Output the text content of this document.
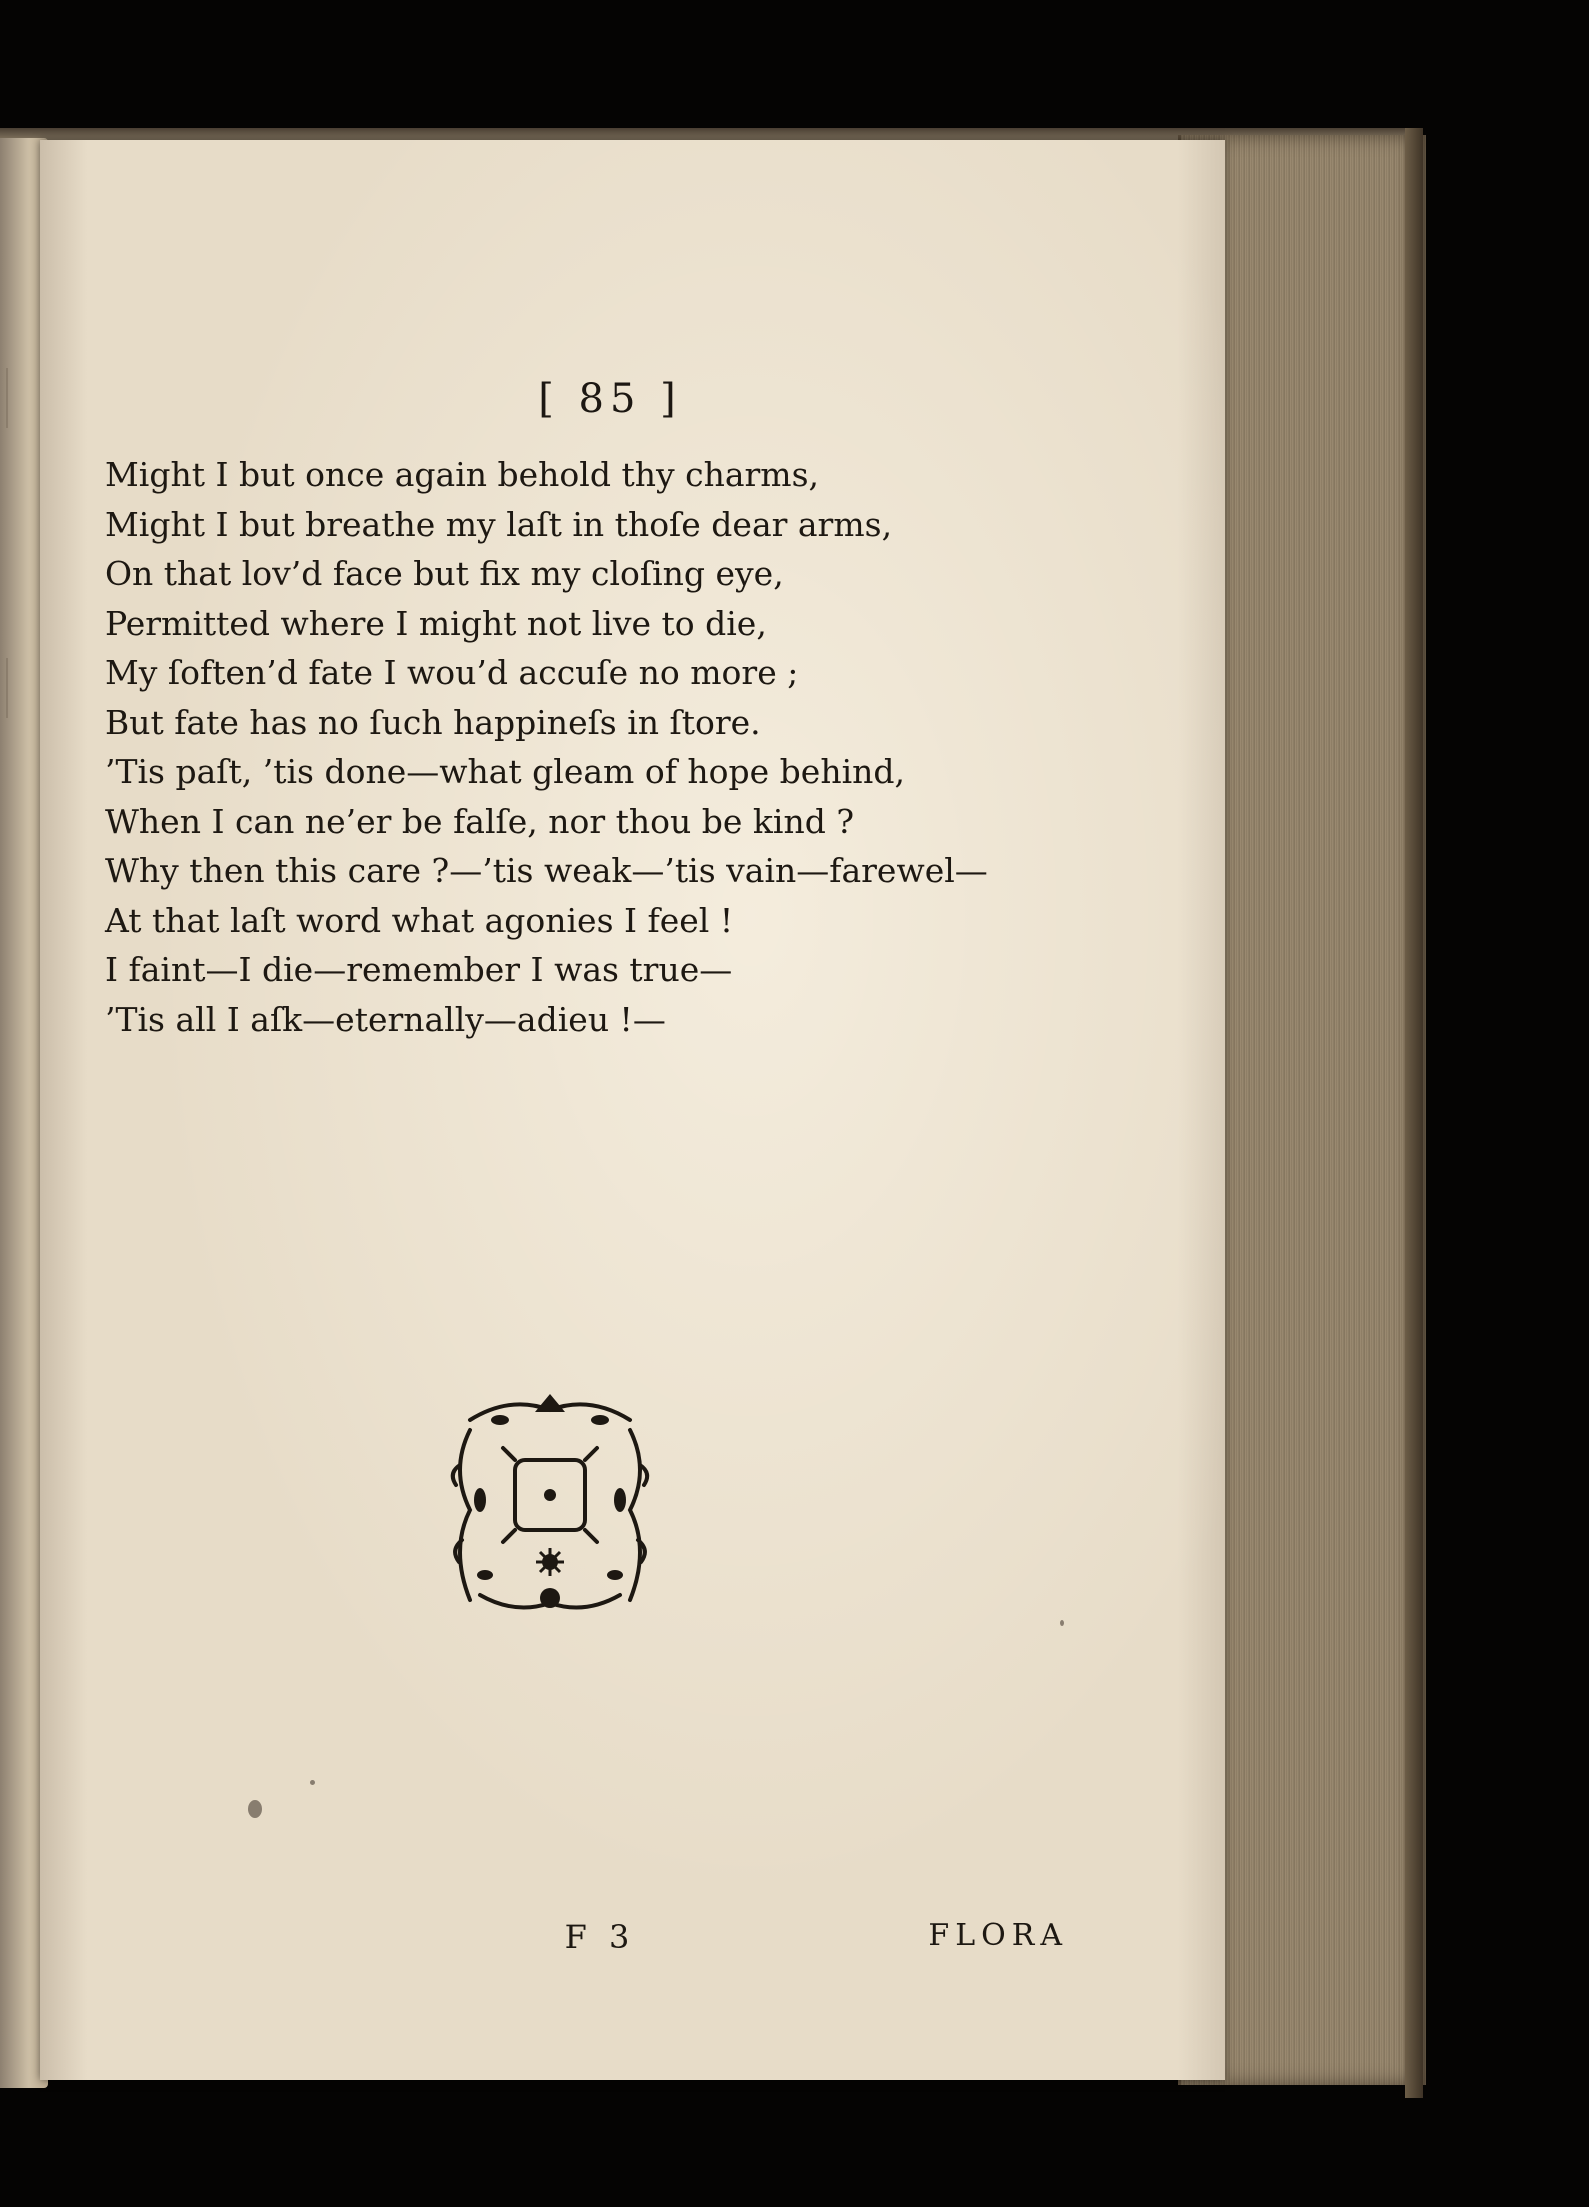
[ 85 ]
Might I but once again behold thy charms,
Might I but breathe my laſt in thoſe dear arms,
On that lov’d face but fix my cloſing eye,
Permitted where I might not live to die,
My ſoften’d fate I wou’d accuſe no more ;
But fate has no ſuch happineſs in ſtore.
’Tis paſt, ’tis done—what gleam of hope behind,
When I can ne’er be falſe, nor thou be kind ?
Why then this care ?—’tis weak—’tis vain—farewel—
At that laſt word what agonies I feel !
I faint—I die—remember I was true—
’Tis all I aſk—eternally—adieu !—
F 3	FLORA
